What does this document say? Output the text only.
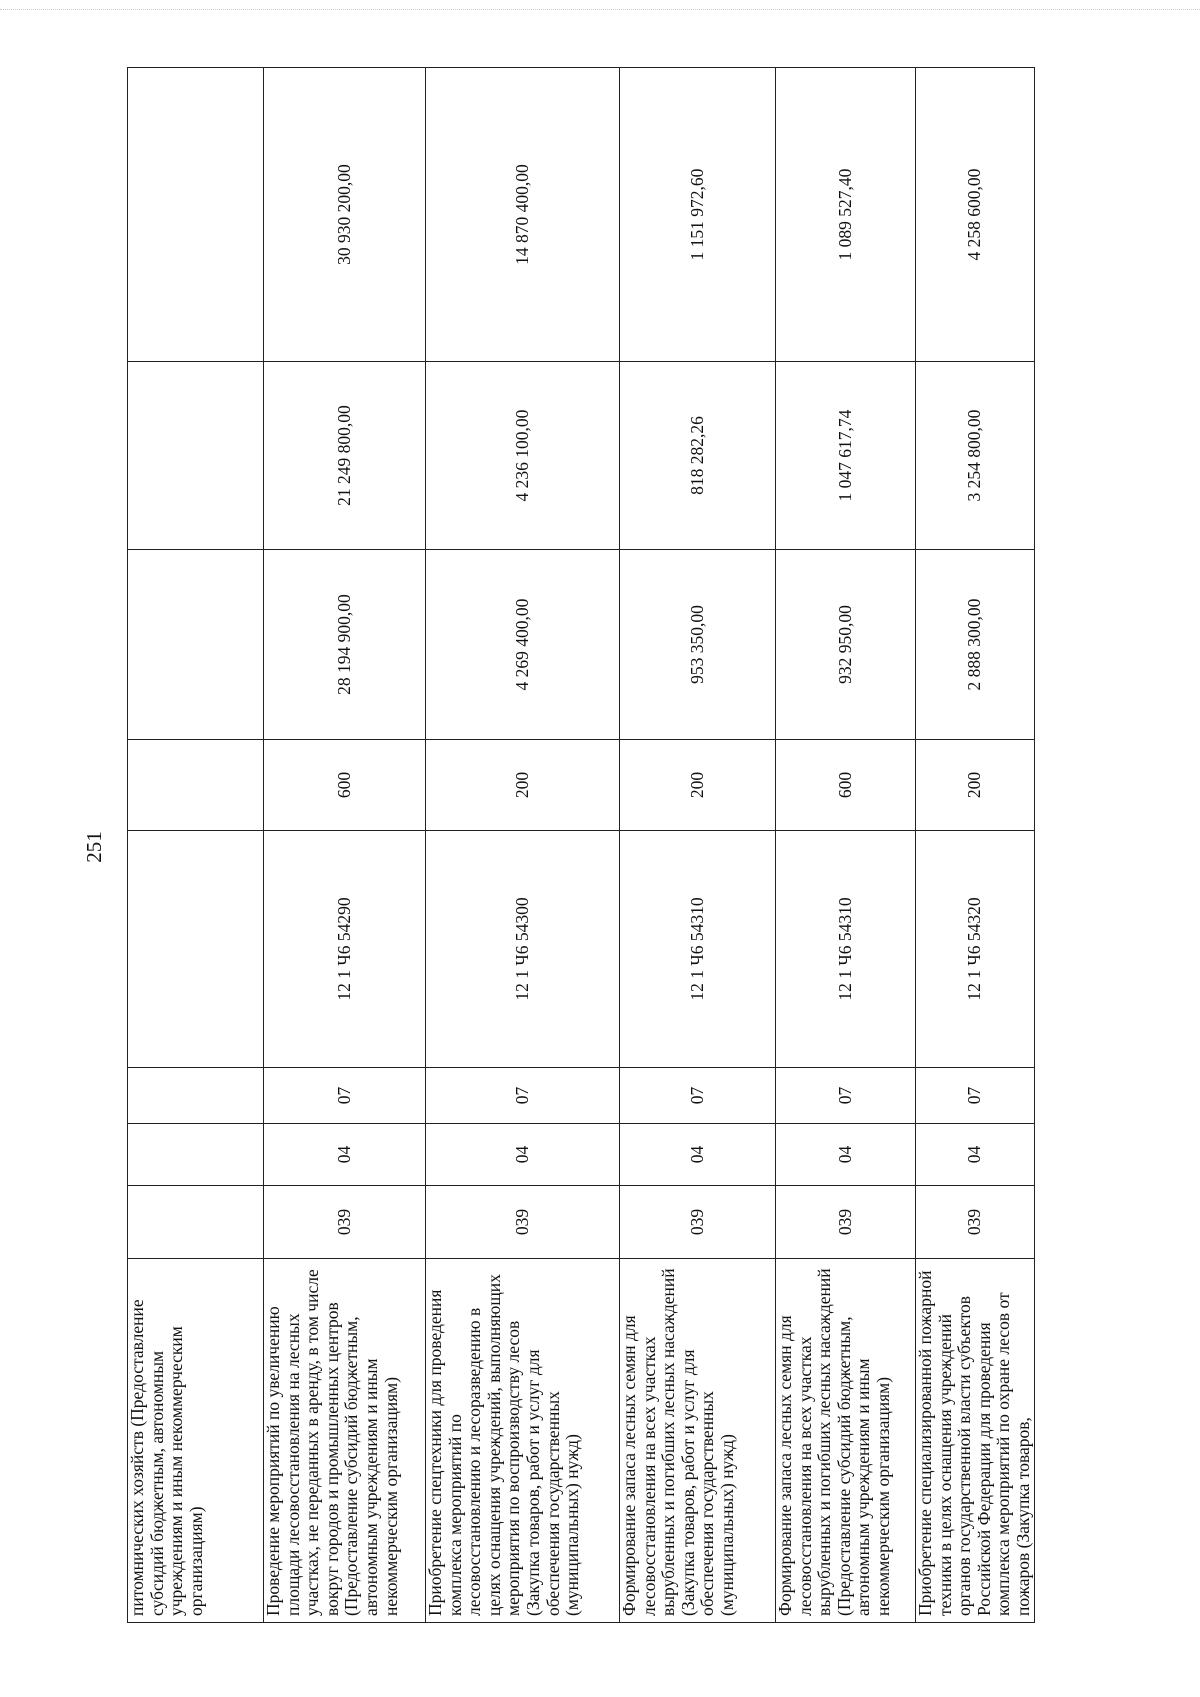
251
питомнических хозяйств (Предоставление субсидий бюджетным, автономным учреждениям и иным некоммерческим организациям)								
Проведение мероприятий по увеличению площади лесовосстановления на лесных участках, не переданных в аренду, в том числе вокруг городов и промышленных центров (Предоставление субсидий бюджетным, автономным учреждениям и иным некоммерческим организациям)	039	04	07	12 1 Ч6 54290	600	28 194 900,00	21 249 800,00	30 930 200,00
Приобретение спецтехники для проведения комплекса мероприятий по лесовосстановлению и лесоразведению в целях оснащения учреждений, выполняющих мероприятия по воспроизводству лесов (Закупка товаров, работ и услуг для обеспечения государственных (муниципальных) нужд)	039	04	07	12 1 Ч6 54300	200	4 269 400,00	4 236 100,00	14 870 400,00
Формирование запаса лесных семян для лесовосстановления на всех участках вырубленных и погибших лесных насаждений (Закупка товаров, работ и услуг для обеспечения государственных (муниципальных) нужд)	039	04	07	12 1 Ч6 54310	200	953 350,00	818 282,26	1 151 972,60
Формирование запаса лесных семян для лесовосстановления на всех участках вырубленных и погибших лесных насаждений (Предоставление субсидий бюджетным, автономным учреждениям и иным некоммерческим организациям)	039	04	07	12 1 Ч6 54310	600	932 950,00	1 047 617,74	1 089 527,40
Приобретение специализированной пожарной техники в целях оснащения учреждений органов государственной власти субъектов Российской Федерации для проведения комплекса мероприятий по охране лесов от пожаров (Закупка товаров,	039	04	07	12 1 Ч6 54320	200	2 888 300,00	3 254 800,00	4 258 600,00
